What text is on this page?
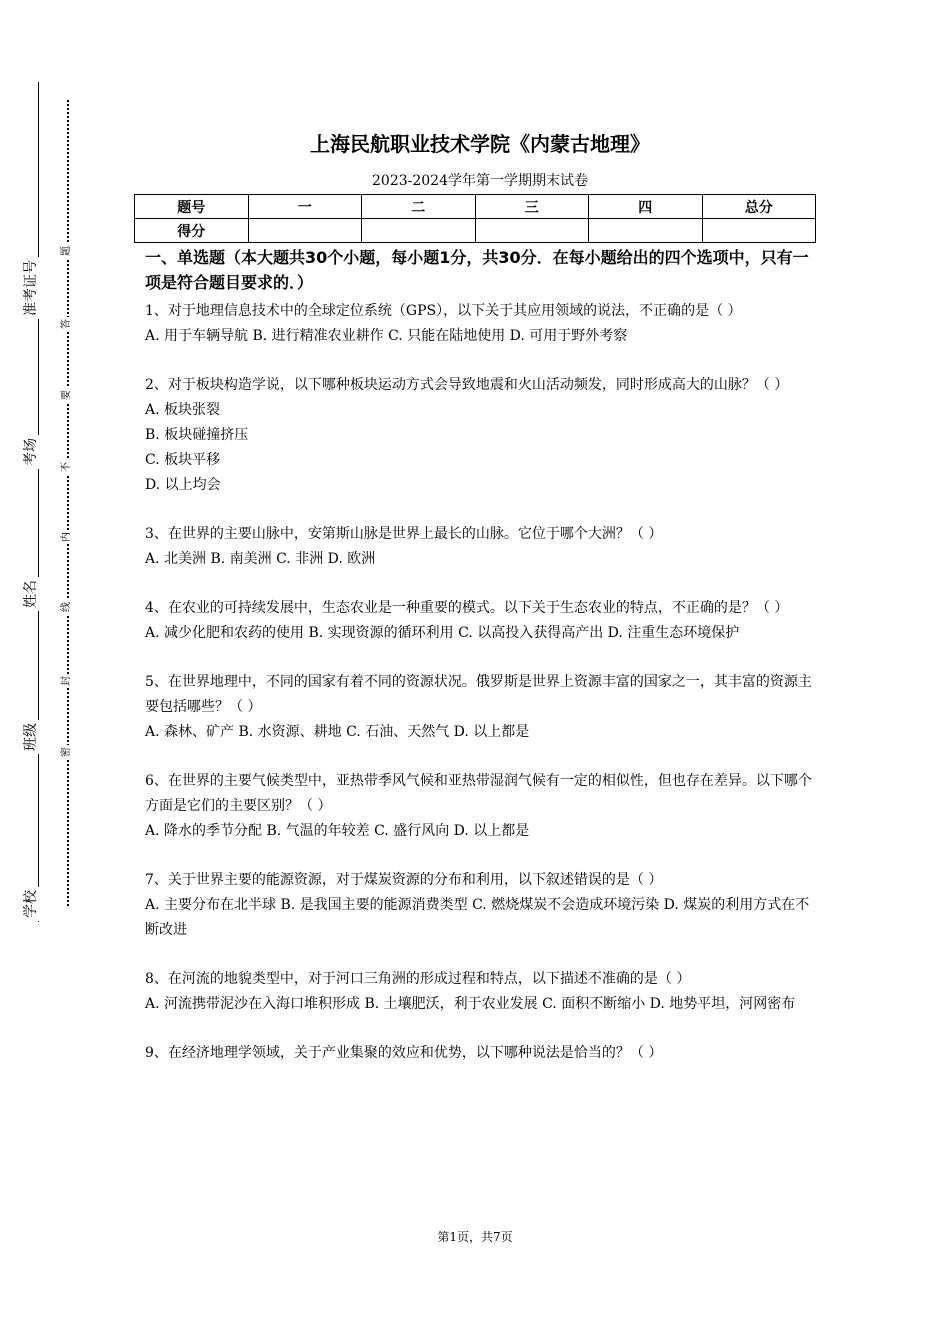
准考证号
考场
姓名
班级
学校
题
答
要
不
内
线
封
密
上海民航职业技术学院《内蒙古地理》
2023-2024学年第一学期期末试卷
题号	一	二	三	四	总分
得分					
一、单选题（本大题共30个小题，每小题1分，共30分．在每小题给出的四个选项中，只有一项是符合题目要求的．）

1、对于地理信息技术中的全球定位系统（GPS），以下关于其应用领域的说法，不正确的是（ ）

A. 用于车辆导航 B. 进行精准农业耕作 C. 只能在陆地使用 D. 可用于野外考察

2、对于板块构造学说，以下哪种板块运动方式会导致地震和火山活动频发，同时形成高大的山脉？（ ）

A. 板块张裂

B. 板块碰撞挤压

C. 板块平移

D. 以上均会

3、在世界的主要山脉中，安第斯山脉是世界上最长的山脉。它位于哪个大洲？（ ）

A. 北美洲 B. 南美洲 C. 非洲 D. 欧洲

4、在农业的可持续发展中，生态农业是一种重要的模式。以下关于生态农业的特点，不正确的是？（ ）

A. 减少化肥和农药的使用 B. 实现资源的循环利用 C. 以高投入获得高产出 D. 注重生态环境保护

5、在世界地理中，不同的国家有着不同的资源状况。俄罗斯是世界上资源丰富的国家之一，其丰富的资源主要包括哪些？（ ）

A. 森林、矿产 B. 水资源、耕地 C. 石油、天然气 D. 以上都是

6、在世界的主要气候类型中，亚热带季风气候和亚热带湿润气候有一定的相似性，但也存在差异。以下哪个方面是它们的主要区别？（ ）

A. 降水的季节分配 B. 气温的年较差 C. 盛行风向 D. 以上都是

7、关于世界主要的能源资源，对于煤炭资源的分布和利用，以下叙述错误的是（ ）

A. 主要分布在北半球 B. 是我国主要的能源消费类型 C. 燃烧煤炭不会造成环境污染 D. 煤炭的利用方式在不断改进

8、在河流的地貌类型中，对于河口三角洲的形成过程和特点，以下描述不准确的是（ ）

A. 河流携带泥沙在入海口堆积形成 B. 土壤肥沃，利于农业发展 C. 面积不断缩小 D. 地势平坦，河网密布

9、在经济地理学领域，关于产业集聚的效应和优势，以下哪种说法是恰当的？（ ）

第1页，共7页
